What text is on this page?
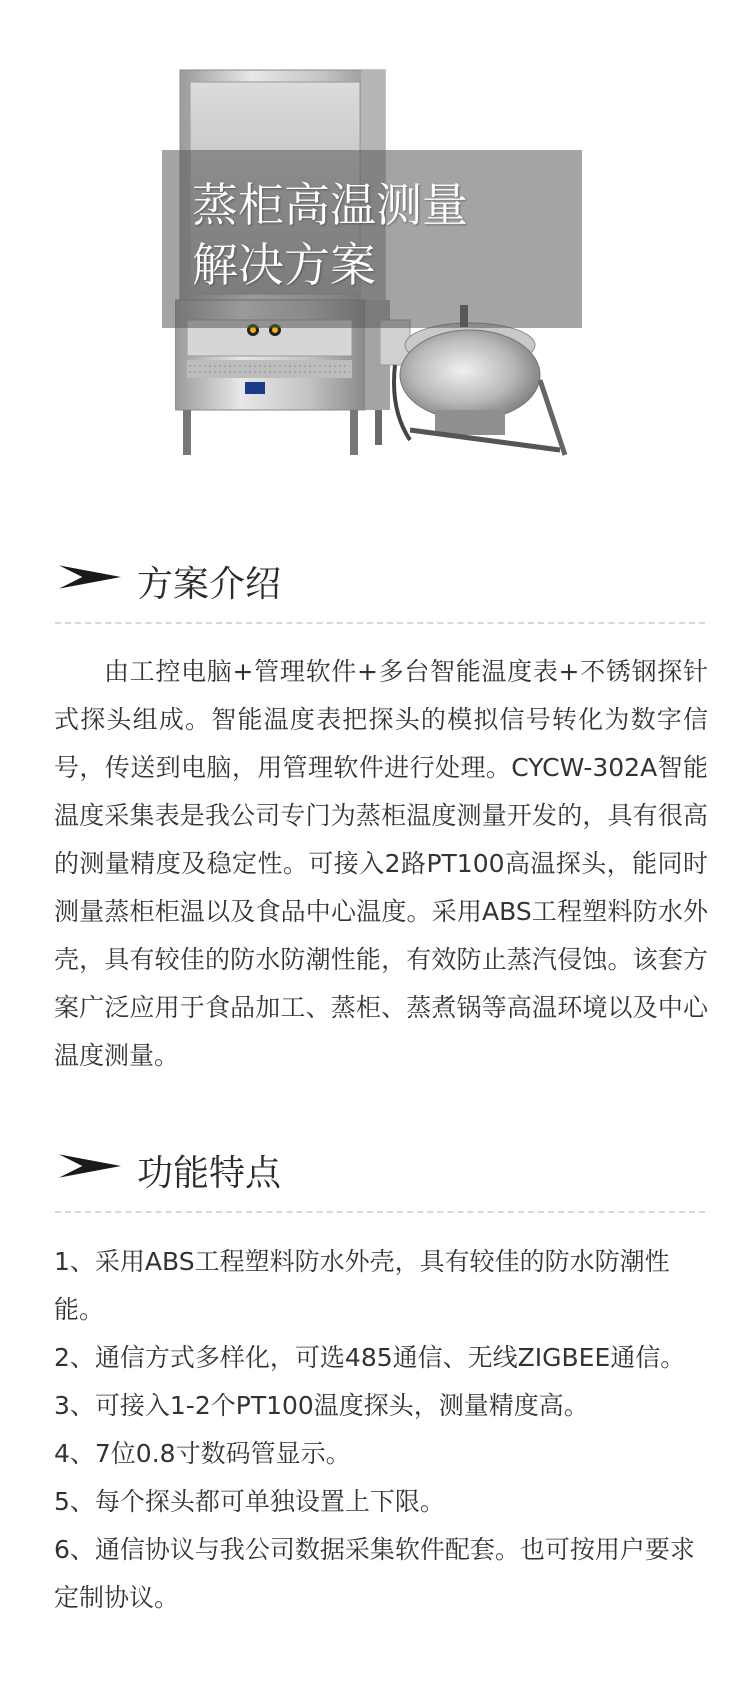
蒸柜高温测量
解决方案
方案介绍

由工控电脑+管理软件+多台智能温度表+不锈钢探针式探头组成。智能温度表把探头的模拟信号转化为数字信号，传送到电脑，用管理软件进行处理。CYCW-302A智能温度采集表是我公司专门为蒸柜温度测量开发的，具有很高的测量精度及稳定性。可接入2路PT100高温探头，能同时测量蒸柜柜温以及食品中心温度。采用ABS工程塑料防水外壳，具有较佳的防水防潮性能，有效防止蒸汽侵蚀。该套方案广泛应用于食品加工、蒸柜、蒸煮锅等高温环境以及中心温度测量。

功能特点
1、采用ABS工程塑料防水外壳，具有较佳的防水防潮性能。
2、通信方式多样化，可选485通信、无线ZIGBEE通信。
3、可接入1-2个PT100温度探头，测量精度高。
4、7位0.8寸数码管显示。
5、每个探头都可单独设置上下限。
6、通信协议与我公司数据采集软件配套。也可按用户要求定制协议。
